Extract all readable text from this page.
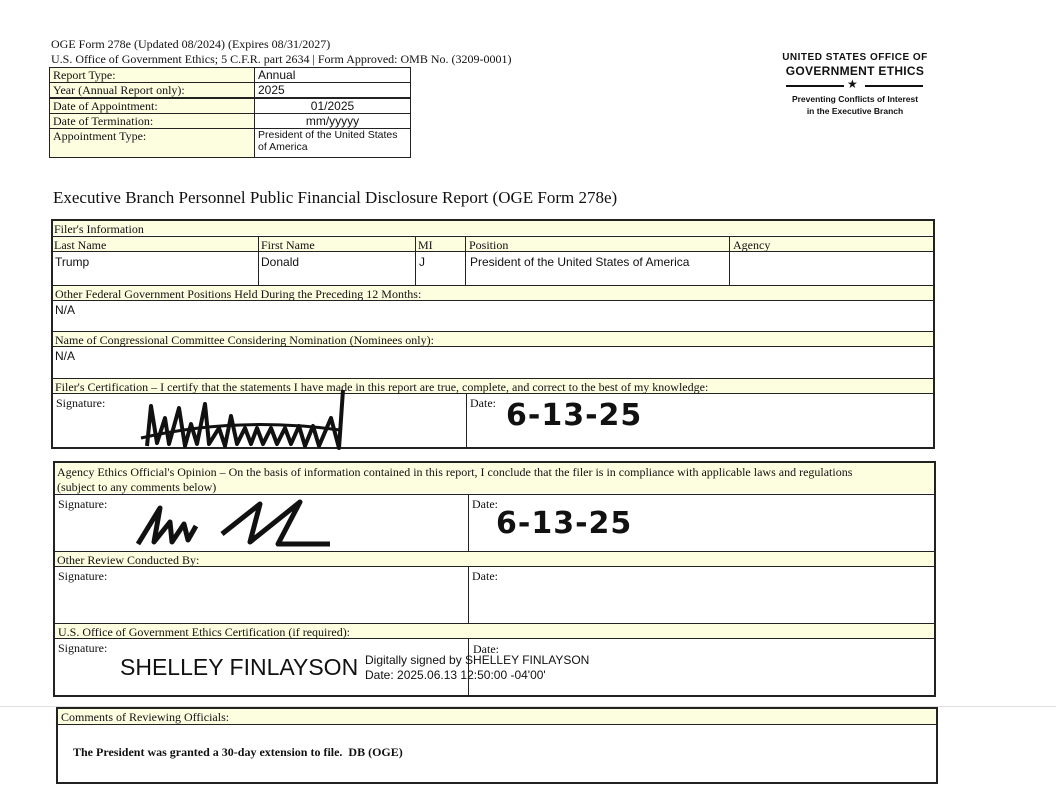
OGE Form 278e (Updated 08/2024) (Expires 08/31/2027)
U.S. Office of Government Ethics; 5 C.F.R. part 2634 | Form Approved: OMB No. (3209-0001)
Report Type:	Annual
Year (Annual Report only):	2025
Date of Appointment:	01/2025
Date of Termination:	mm/yyyyy
Appointment Type:	President of the United States of America
UNITED STATES OFFICE OF
GOVERNMENT ETHICS
★
Preventing Conflicts of Interest
in the Executive Branch
Executive Branch Personnel Public Financial Disclosure Report (OGE Form 278e)
Filer's Information
Last Name	First Name	MI	Position	Agency
Trump	Donald	J	President of the United States of America
Other Federal Government Positions Held During the Preceding 12 Months:
N/A
Name of Congressional Committee Considering Nomination (Nominees only):
N/A
Filer's Certification – I certify that the statements I have made in this report are true, complete, and correct to the best of my knowledge:
Signature:	Date: 6-13-25
Agency Ethics Official's Opinion – On the basis of information contained in this report, I conclude that the filer is in compliance with applicable laws and regulations
(subject to any comments below)
Signature:	Date:
6-13-25
Other Review Conducted By:
Signature:	Date:
U.S. Office of Government Ethics Certification (if required):
Signature:	Date:
SHELLEY FINLAYSON Digitally signed by SHELLEY FINLAYSON
Date: 2025.06.13 12:50:00 -04'00'
Comments of Reviewing Officials:
The President was granted a 30-day extension to file.  DB (OGE)
